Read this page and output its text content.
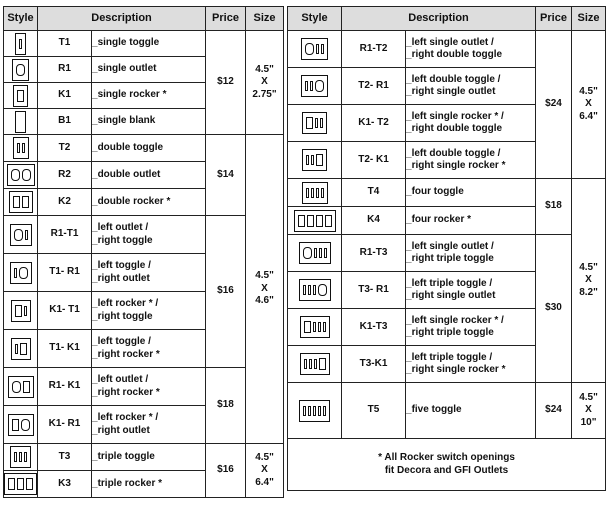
Style	Description		Price	Size

	T1	_ single toggle	$12	4.5"
X
2.75"

	R1	_ single outlet

	K1	_ single rocker *

	B1	_ single blank

	T2	_ double toggle	$14	4.5"
X
4.6"

	R2	_ double outlet

	K2	_ double rocker *

	R1-T1	_ left outlet /
_ right toggle	$16	

	T1- R1	_ left toggle /
_ right outlet

	K1- T1	_ left rocker * /
_ right toggle

	T1- K1	_ left toggle /
_ right rocker *

	R1- K1	_ left outlet /
_ right rocker *	$18	

	K1- R1	_ left rocker * /
_ right outlet

	T3	_ triple toggle	$16	4.5"
X
6.4"

	K3	_ triple rocker *
Style	Description		Price	Size

	R1-T2	_ left single outlet /
_ right double toggle	$24	4.5"
X
6.4"

	T2- R1	_ left double toggle /
_ right single outlet

	K1- T2	_ left single rocker * /
_ right double toggle

	T2- K1	_ left double toggle /
_ right single rocker *

	T4	_ four toggle	$18	4.5"
X
8.2"

	K4	_ four rocker *

	R1-T3	_ left single outlet /
_ right triple toggle	$30	

	T3- R1	_ left triple toggle /
_ right single outlet

	K1-T3	_ left single rocker * /
_ right triple toggle

	T3-K1	_ left triple toggle /
_ right single rocker *

	T5	_ five toggle	$24	4.5"
X
10"

* All Rocker switch openings
fit Decora and GFI Outlets				
